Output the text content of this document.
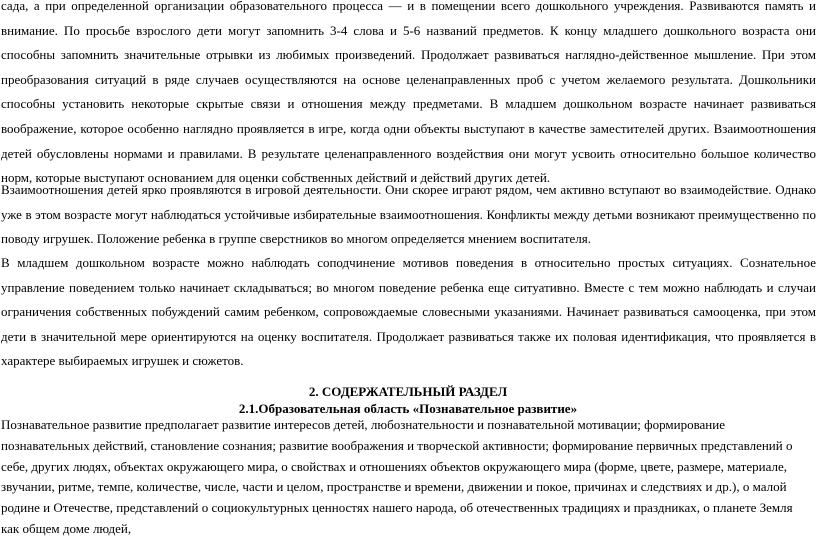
сада, а при определенной организации образовательного процесса — и в помещении всего дошкольного учреждения. Развиваются память и внимание. По просьбе взрослого дети могут запомнить 3-4 слова и 5-6 названий предметов. К концу младшего дошкольного возраста они способны запомнить значительные отрывки из любимых произведений. Продолжает развиваться наглядно-действенное мышление. При этом преобразования ситуаций в ряде случаев осуществляются на основе целенаправленных проб с учетом желаемого результата. Дошкольники способны установить некоторые скрытые связи и отношения между предметами. В младшем дошкольном возрасте начинает развиваться воображение, которое особенно наглядно проявляется в игре, когда одни объекты выступают в качестве заместителей других. Взаимоотношения детей обусловлены нормами и правилами. В результате целенаправленного воздействия они могут усвоить относительно большое количество норм, которые выступают основанием для оценки собственных действий и действий других детей.

Взаимоотношения детей ярко проявляются в игровой деятельности. Они скорее играют рядом, чем активно вступают во взаимодействие. Однако уже в этом возрасте могут наблюдаться устойчивые избирательные взаимоотношения. Конфликты между детьми возникают преимущественно по поводу игрушек. Положение ребенка в группе сверстников во многом определяется мнением воспитателя.

В младшем дошкольном возрасте можно наблюдать соподчинение мотивов поведения в относительно простых ситуациях. Сознательное управление поведением только начинает складываться; во многом поведение ребенка еще ситуативно. Вместе с тем можно наблюдать и случаи ограничения собственных побуждений самим ребенком, сопровождаемые словесными указаниями. Начинает развиваться самооценка, при этом дети в значительной мере ориентируются на оценку воспитателя. Продолжает развиваться также их половая идентификация, что проявляется в характере выбираемых игрушек и сюжетов.

2. СОДЕРЖАТЕЛЬНЫЙ РАЗДЕЛ
2.1.Образовательная область «Познавательное развитие»

Познавательное развитие предполагает развитие интересов детей, любознательности и познавательной мотивации; формирование познавательных действий, становление сознания; развитие воображения и творческой активности; формирование первичных представлений о себе, других людях, объектах окружающего мира, о свойствах и отношениях объектов окружающего мира (форме, цвете, размере, материале, звучании, ритме, темпе, количестве, числе, части и целом, пространстве и времени, движении и покое, причинах и следствиях и др.), о малой родине и Отечестве, представлений о социокультурных ценностях нашего народа, об отечественных традициях и праздниках, о планете Земля как общем доме людей,
